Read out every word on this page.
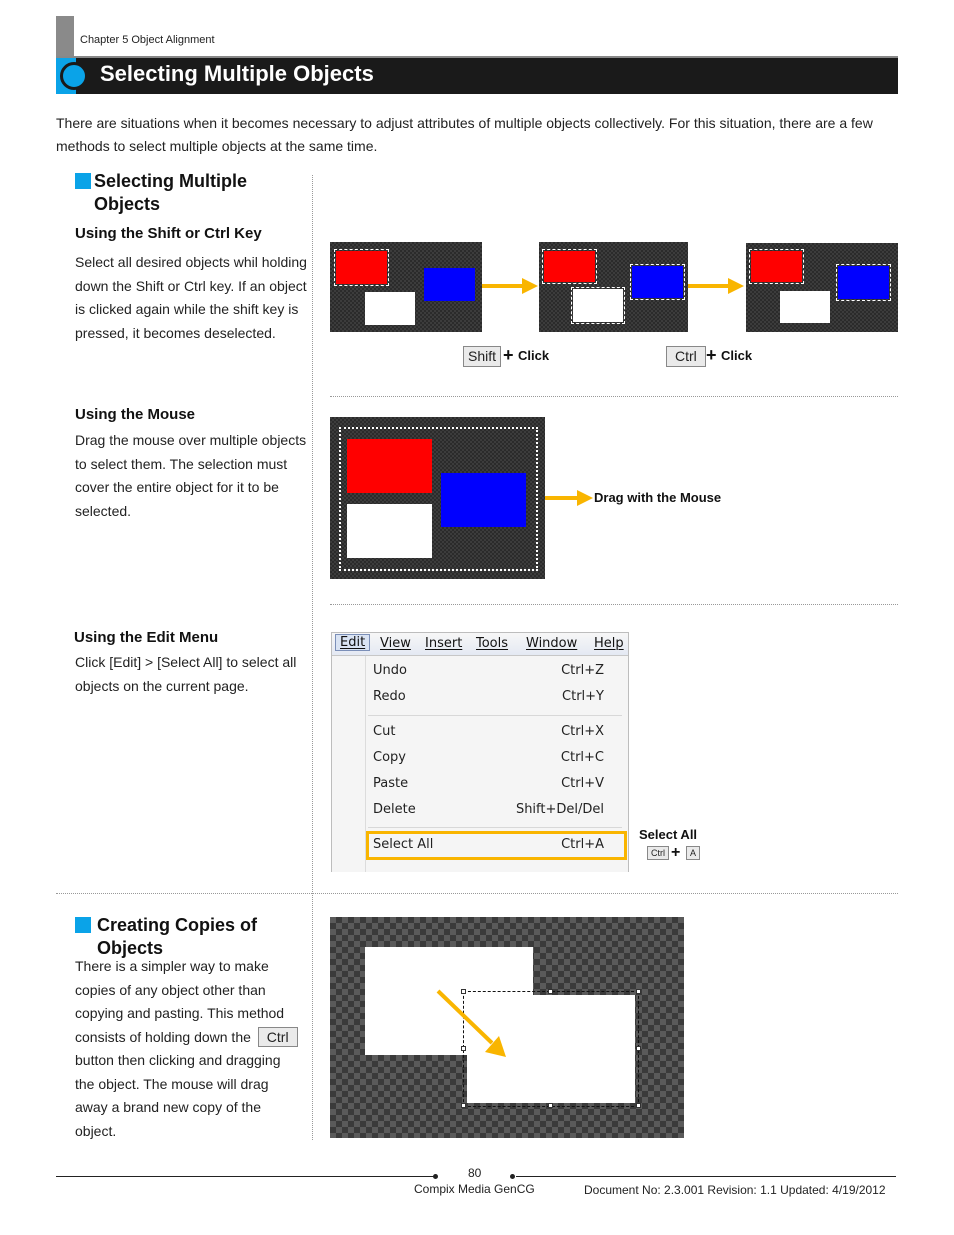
Chapter 5 Object Alignment
Selecting Multiple Objects
There are situations when it becomes necessary to adjust attributes of multiple objects collectively. For this situation, there are a few methods to select multiple objects at the same time.
Selecting Multiple
Objects
Using the Shift or Ctrl Key
Select all desired objects whil holding
down the Shift or Ctrl key. If an object
is clicked again while the shift key is
pressed, it becomes deselected.
Shift + Click	Ctrl + Click
Using the Mouse
Drag the mouse over multiple objects
to select them. The selection must
cover the entire object for it to be
selected.
Drag with the Mouse
Using the Edit Menu
Click [Edit] > [Select All] to select all
objects on the current page.
Edit	View Insert Tools Window Help
Undo	Ctrl+Z
Redo	Ctrl+Y
Cut	Ctrl+X
Copy	Ctrl+C
Paste	Ctrl+V
Delete	Shift+Del/Del
Select All	Ctrl+A
Select All
Ctrl +	A
Creating Copies of
Objects
There is a simpler way to make
copies of any object other than
copying and pasting. This method
consists of holding down the Ctrl
button then clicking and dragging
the object. The mouse will drag
away a brand new copy of the
object.
80
Compix Media GenCG	Document No: 2.3.001 Revision: 1.1 Updated: 4/19/2012
